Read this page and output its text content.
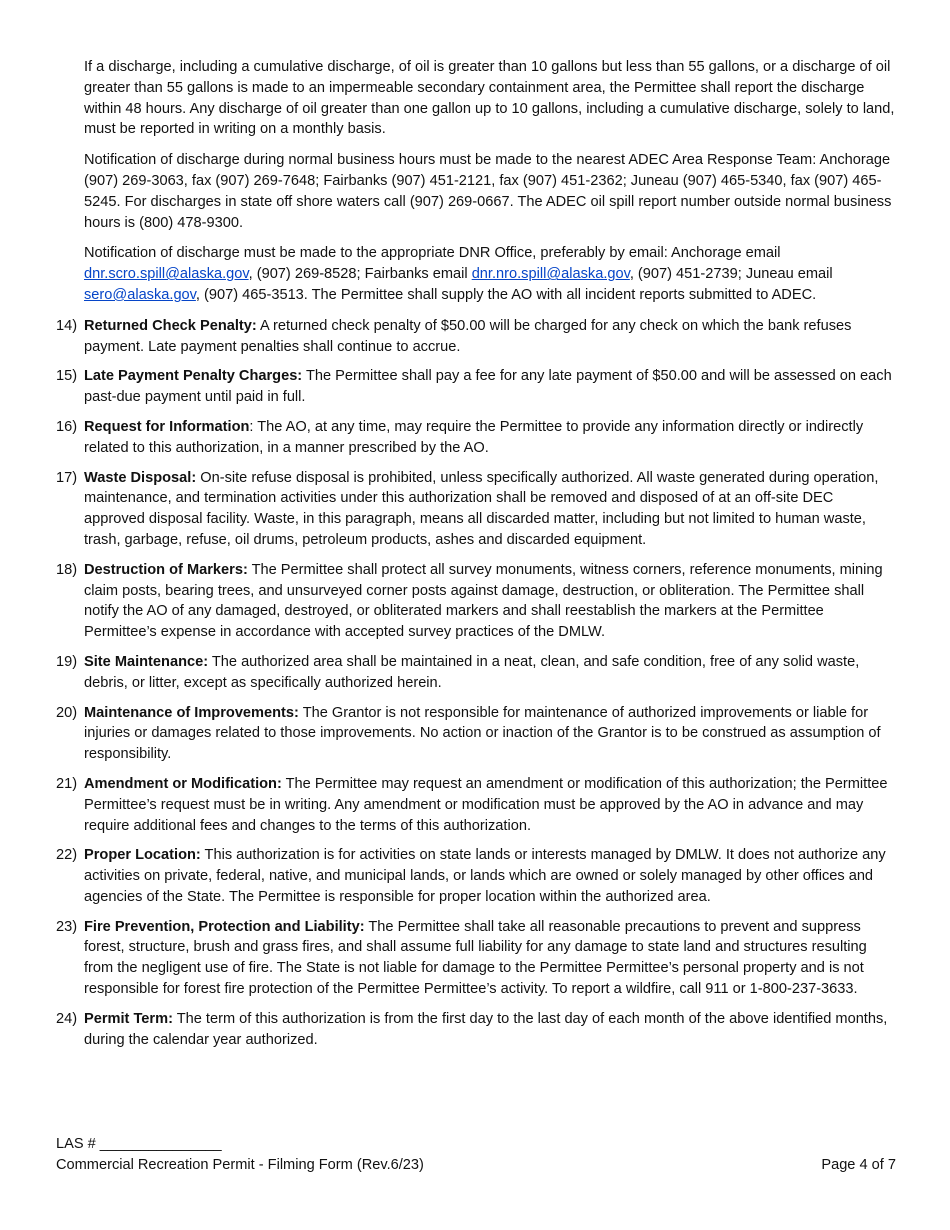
If a discharge, including a cumulative discharge, of oil is greater than 10 gallons but less than 55 gallons, or a discharge of oil greater than 55 gallons is made to an impermeable secondary containment area, the Permittee shall report the discharge within 48 hours. Any discharge of oil greater than one gallon up to 10 gallons, including a cumulative discharge, solely to land, must be reported in writing on a monthly basis.

Notification of discharge during normal business hours must be made to the nearest ADEC Area Response Team: Anchorage (907) 269-3063, fax (907) 269-7648; Fairbanks (907) 451-2121, fax (907) 451-2362; Juneau (907) 465-5340, fax (907) 465-5245. For discharges in state off shore waters call (907) 269-0667. The ADEC oil spill report number outside normal business hours is (800) 478-9300.

Notification of discharge must be made to the appropriate DNR Office, preferably by email: Anchorage email dnr.scro.spill@alaska.gov, (907) 269-8528; Fairbanks email dnr.nro.spill@alaska.gov, (907) 451-2739; Juneau email sero@alaska.gov, (907) 465-3513. The Permittee shall supply the AO with all incident reports submitted to ADEC.

14) Returned Check Penalty: A returned check penalty of $50.00 will be charged for any check on which the bank refuses payment. Late payment penalties shall continue to accrue.
15) Late Payment Penalty Charges: The Permittee shall pay a fee for any late payment of $50.00 and will be assessed on each past-due payment until paid in full.
16) Request for Information: The AO, at any time, may require the Permittee to provide any information directly or indirectly related to this authorization, in a manner prescribed by the AO.
17) Waste Disposal: On-site refuse disposal is prohibited, unless specifically authorized. All waste generated during operation, maintenance, and termination activities under this authorization shall be removed and disposed of at an off-site DEC approved disposal facility. Waste, in this paragraph, means all discarded matter, including but not limited to human waste, trash, garbage, refuse, oil drums, petroleum products, ashes and discarded equipment.
18) Destruction of Markers: The Permittee shall protect all survey monuments, witness corners, reference monuments, mining claim posts, bearing trees, and unsurveyed corner posts against damage, destruction, or obliteration. The Permittee shall notify the AO of any damaged, destroyed, or obliterated markers and shall reestablish the markers at the Permittee Permittee’s expense in accordance with accepted survey practices of the DMLW.
19) Site Maintenance: The authorized area shall be maintained in a neat, clean, and safe condition, free of any solid waste, debris, or litter, except as specifically authorized herein.
20) Maintenance of Improvements: The Grantor is not responsible for maintenance of authorized improvements or liable for injuries or damages related to those improvements. No action or inaction of the Grantor is to be construed as assumption of responsibility.
21) Amendment or Modification: The Permittee may request an amendment or modification of this authorization; the Permittee Permittee’s request must be in writing. Any amendment or modification must be approved by the AO in advance and may require additional fees and changes to the terms of this authorization.
22) Proper Location: This authorization is for activities on state lands or interests managed by DMLW. It does not authorize any activities on private, federal, native, and municipal lands, or lands which are owned or solely managed by other offices and agencies of the State. The Permittee is responsible for proper location within the authorized area.
23) Fire Prevention, Protection and Liability: The Permittee shall take all reasonable precautions to prevent and suppress forest, structure, brush and grass fires, and shall assume full liability for any damage to state land and structures resulting from the negligent use of fire. The State is not liable for damage to the Permittee Permittee’s personal property and is not responsible for forest fire protection of the Permittee Permittee’s activity. To report a wildfire, call 911 or 1-800-237-3633.
24) Permit Term: The term of this authorization is from the first day to the last day of each month of the above identified months, during the calendar year authorized.
LAS # _______________
Commercial Recreation Permit - Filming Form (Rev.6/23)	Page 4 of 7
